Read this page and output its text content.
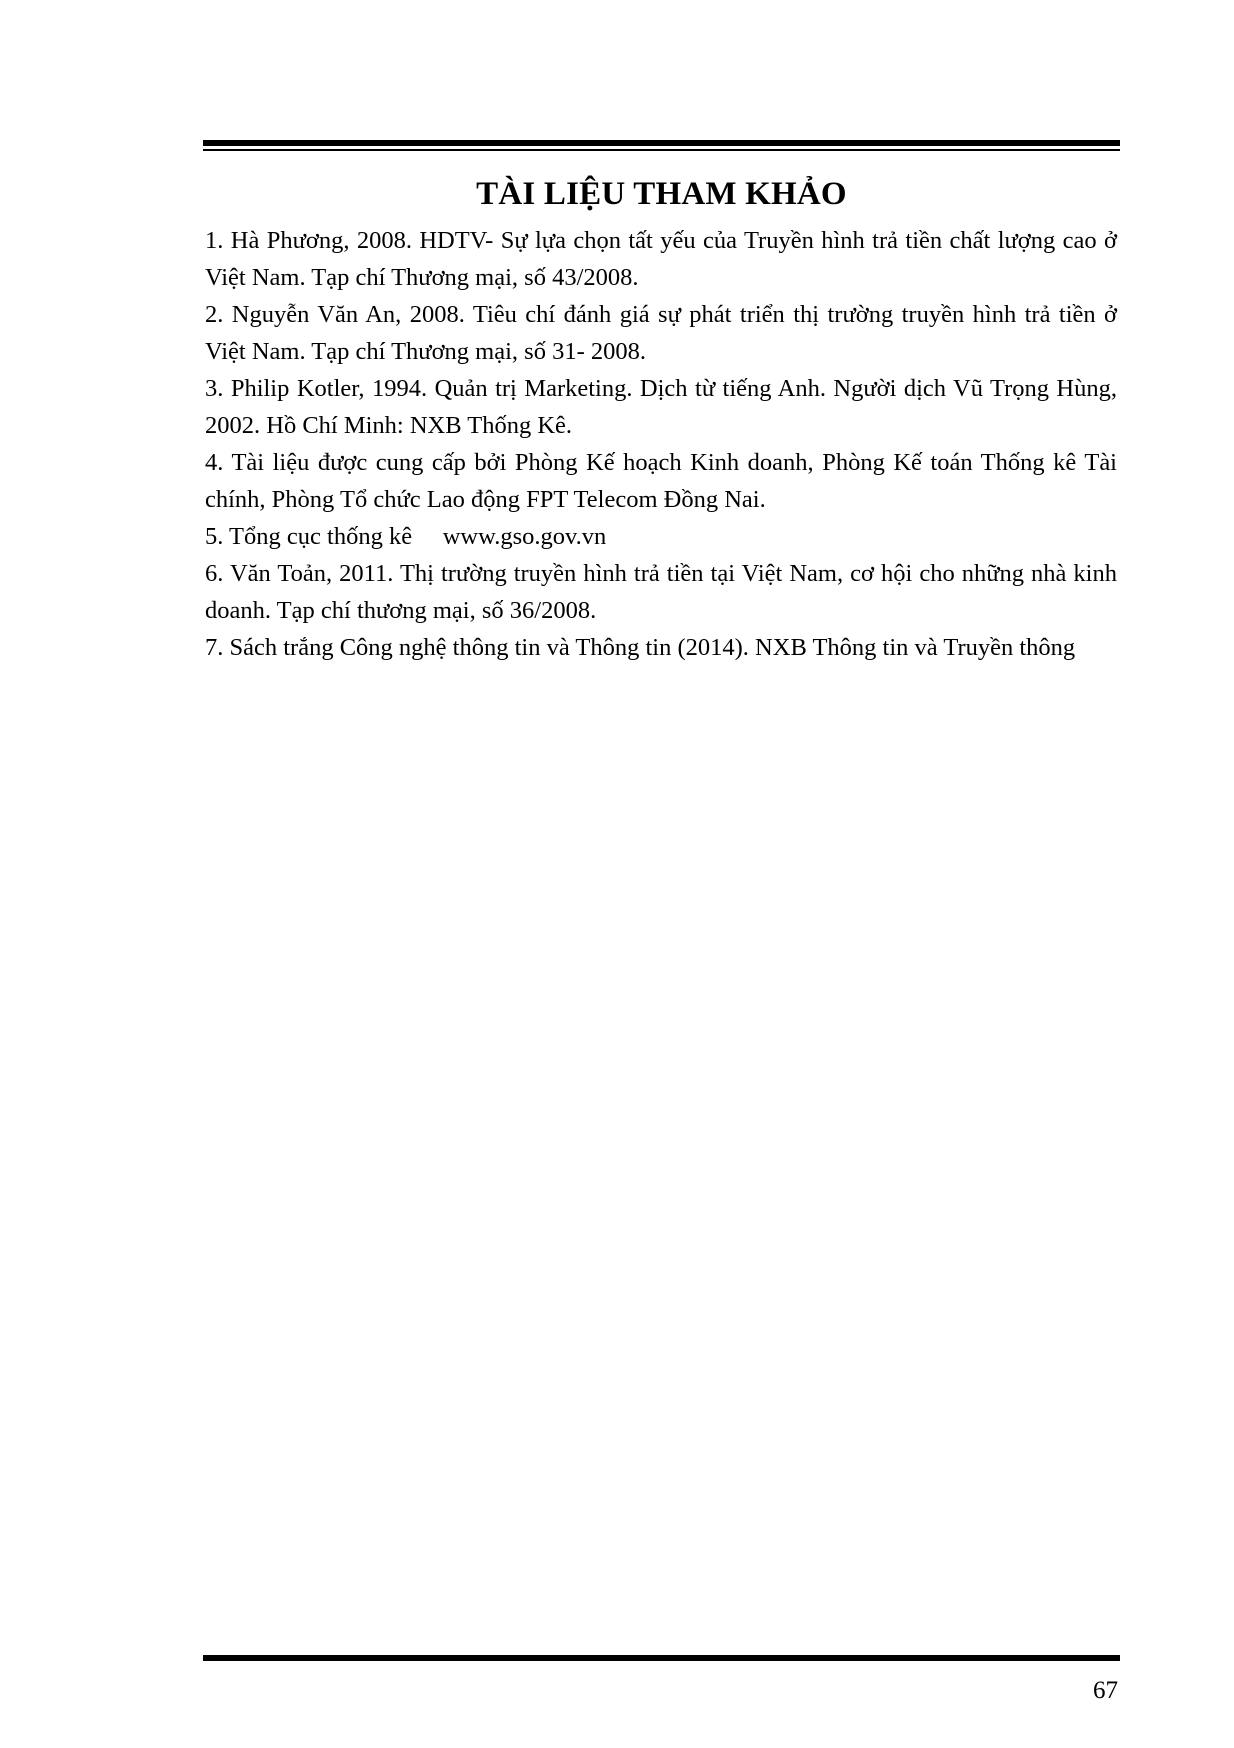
TÀI LIỆU THAM KHẢO
1. Hà Phương, 2008. HDTV- Sự lựa chọn tất yếu của Truyền hình trả tiền chất lượng cao ở Việt Nam. Tạp chí Thương mại, số 43/2008.
2. Nguyễn Văn An, 2008. Tiêu chí đánh giá sự phát triển thị trường truyền hình trả tiền ở Việt Nam. Tạp chí Thương mại, số 31- 2008.
3. Philip Kotler, 1994. Quản trị Marketing. Dịch từ tiếng Anh. Người dịch Vũ Trọng Hùng, 2002. Hồ Chí Minh: NXB Thống Kê.
4. Tài liệu được cung cấp bởi Phòng Kế hoạch Kinh doanh, Phòng Kế toán Thống kê Tài chính, Phòng Tổ chức Lao động FPT Telecom Đồng Nai.
5. Tổng cục thống kê     www.gso.gov.vn
6. Văn Toản, 2011. Thị trường truyền hình trả tiền tại Việt Nam, cơ hội cho những nhà kinh doanh. Tạp chí thương mại, số 36/2008.
7. Sách trắng Công nghệ thông tin và Thông tin (2014). NXB Thông tin và Truyền thông
67
